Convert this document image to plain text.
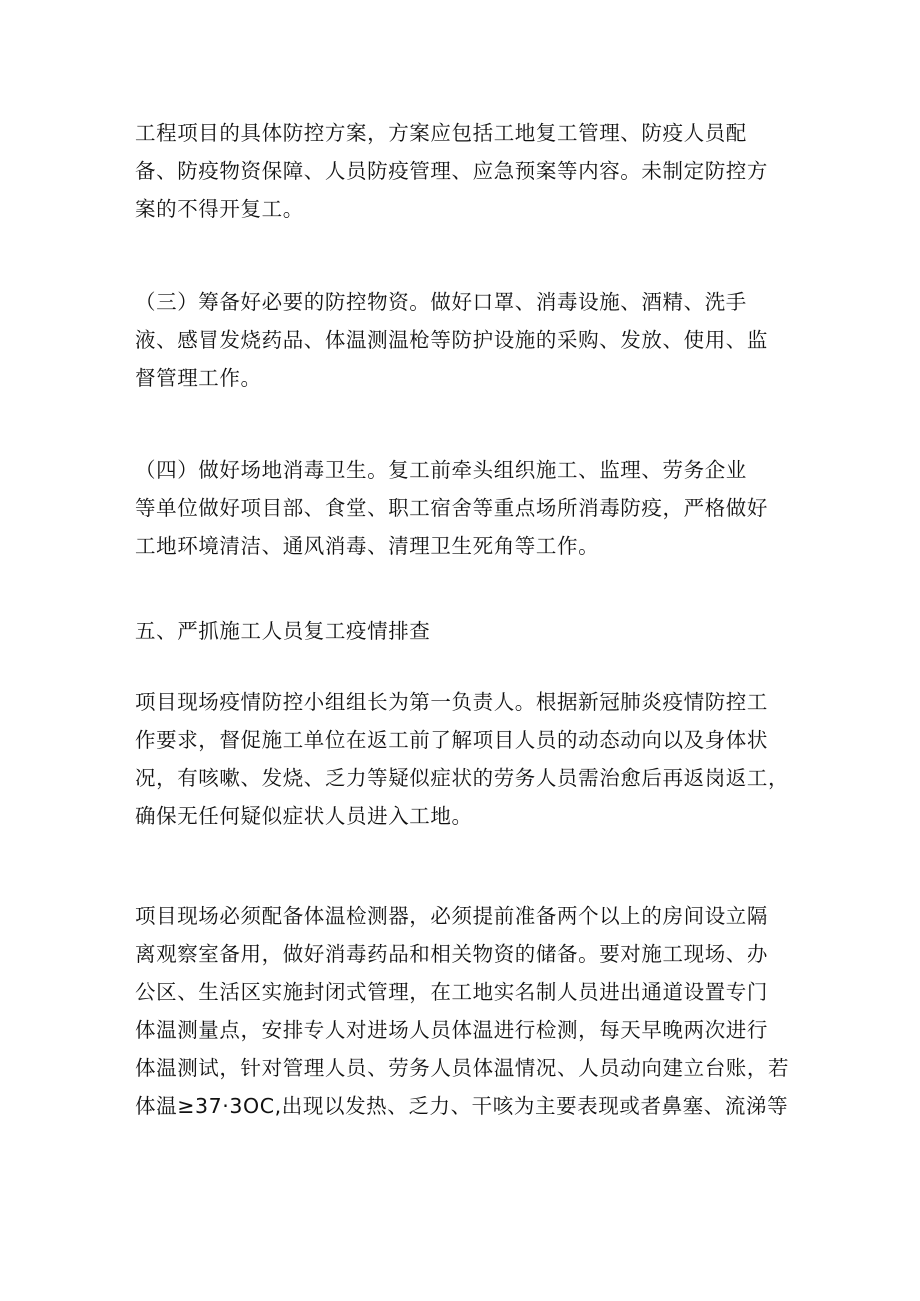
工程项目的具体防控方案，方案应包括工地复工管理、防疫人员配
备、防疫物资保障、人员防疫管理、应急预案等内容。未制定防控方
案的不得开复工。
（三）筹备好必要的防控物资。做好口罩、消毒设施、酒精、洗手
液、感冒发烧药品、体温测温枪等防护设施的采购、发放、使用、监
督管理工作。
（四）做好场地消毒卫生。复工前牵头组织施工、监理、劳务企业
等单位做好项目部、食堂、职工宿舍等重点场所消毒防疫，严格做好
工地环境清洁、通风消毒、清理卫生死角等工作。
五、严抓施工人员复工疫情排查
项目现场疫情防控小组组长为第一负责人。根据新冠肺炎疫情防控工
作要求，督促施工单位在返工前了解项目人员的动态动向以及身体状
况，有咳嗽、发烧、乏力等疑似症状的劳务人员需治愈后再返岗返工，
确保无任何疑似症状人员进入工地。
项目现场必须配备体温检测器，必须提前准备两个以上的房间设立隔
离观察室备用，做好消毒药品和相关物资的储备。要对施工现场、办
公区、生活区实施封闭式管理，在工地实名制人员进出通道设置专门
体温测量点，安排专人对进场人员体温进行检测，每天早晚两次进行
体温测试，针对管理人员、劳务人员体温情况、人员动向建立台账，若
体温≥37·3OC,出现以发热、乏力、干咳为主要表现或者鼻塞、流涕等
